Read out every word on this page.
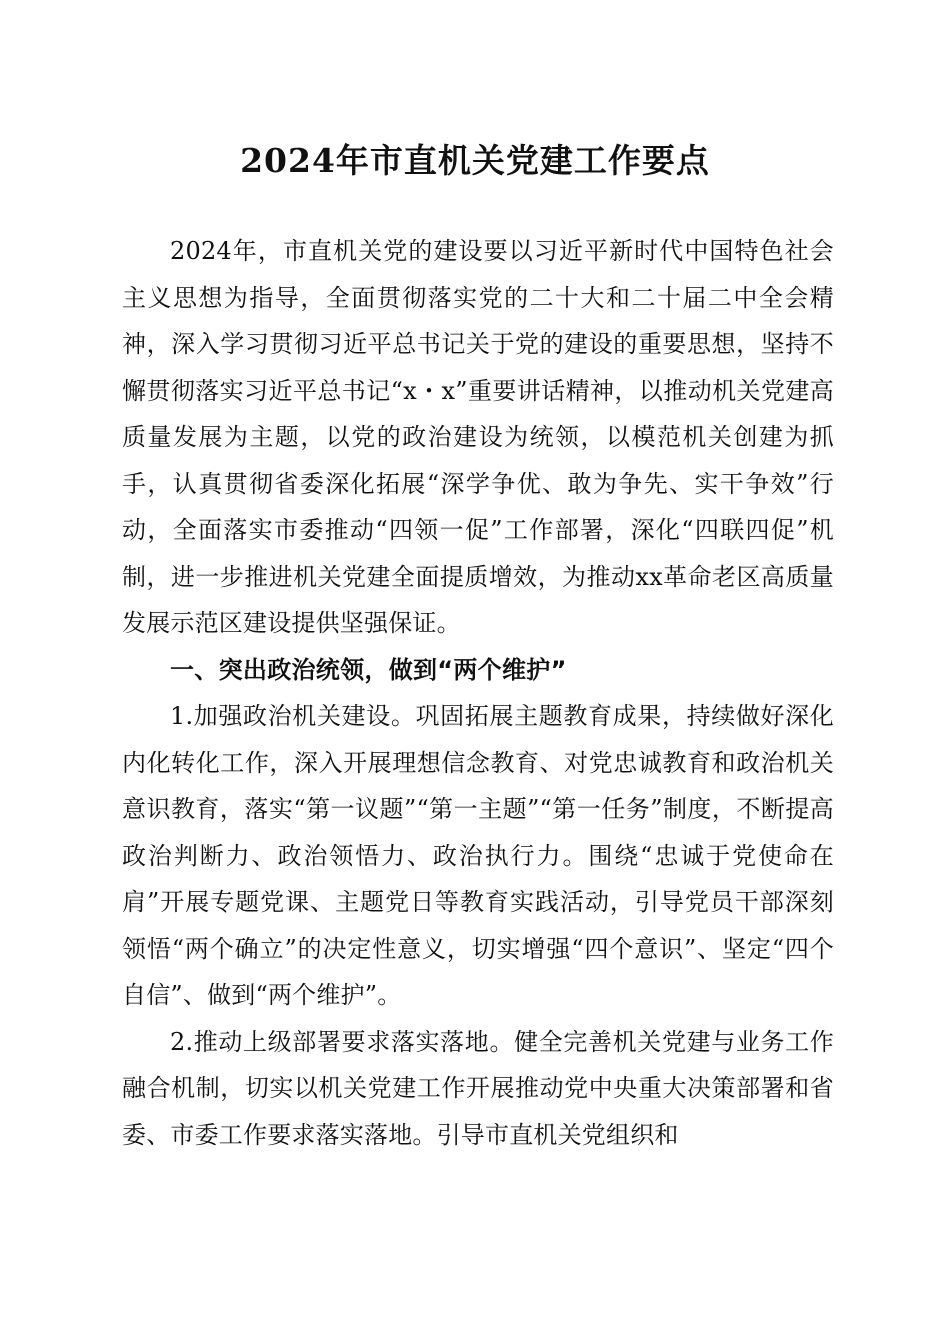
2024年市直机关党建工作要点

2024年，市直机关党的建设要以习近平新时代中国特色社会主义思想为指导，全面贯彻落实党的二十大和二十届二中全会精神，深入学习贯彻习近平总书记关于党的建设的重要思想，坚持不懈贯彻落实习近平总书记“x・x”重要讲话精神，以推动机关党建高质量发展为主题，以党的政治建设为统领，以模范机关创建为抓手，认真贯彻省委深化拓展“深学争优、敢为争先、实干争效”行动，全面落实市委推动“四领一促”工作部署，深化“四联四促”机制，进一步推进机关党建全面提质增效，为推动xx革命老区高质量发展示范区建设提供坚强保证。

一、突出政治统领，做到“两个维护”

1.加强政治机关建设。巩固拓展主题教育成果，持续做好深化内化转化工作，深入开展理想信念教育、对党忠诚教育和政治机关意识教育，落实“第一议题”“第一主题”“第一任务”制度，不断提高政治判断力、政治领悟力、政治执行力。围绕“忠诚于党使命在肩”开展专题党课、主题党日等教育实践活动，引导党员干部深刻领悟“两个确立”的决定性意义，切实增强“四个意识”、坚定“四个自信”、做到“两个维护”。

2.推动上级部署要求落实落地。健全完善机关党建与业务工作融合机制，切实以机关党建工作开展推动党中央重大决策部署和省委、市委工作要求落实落地。引导市直机关党组织和
